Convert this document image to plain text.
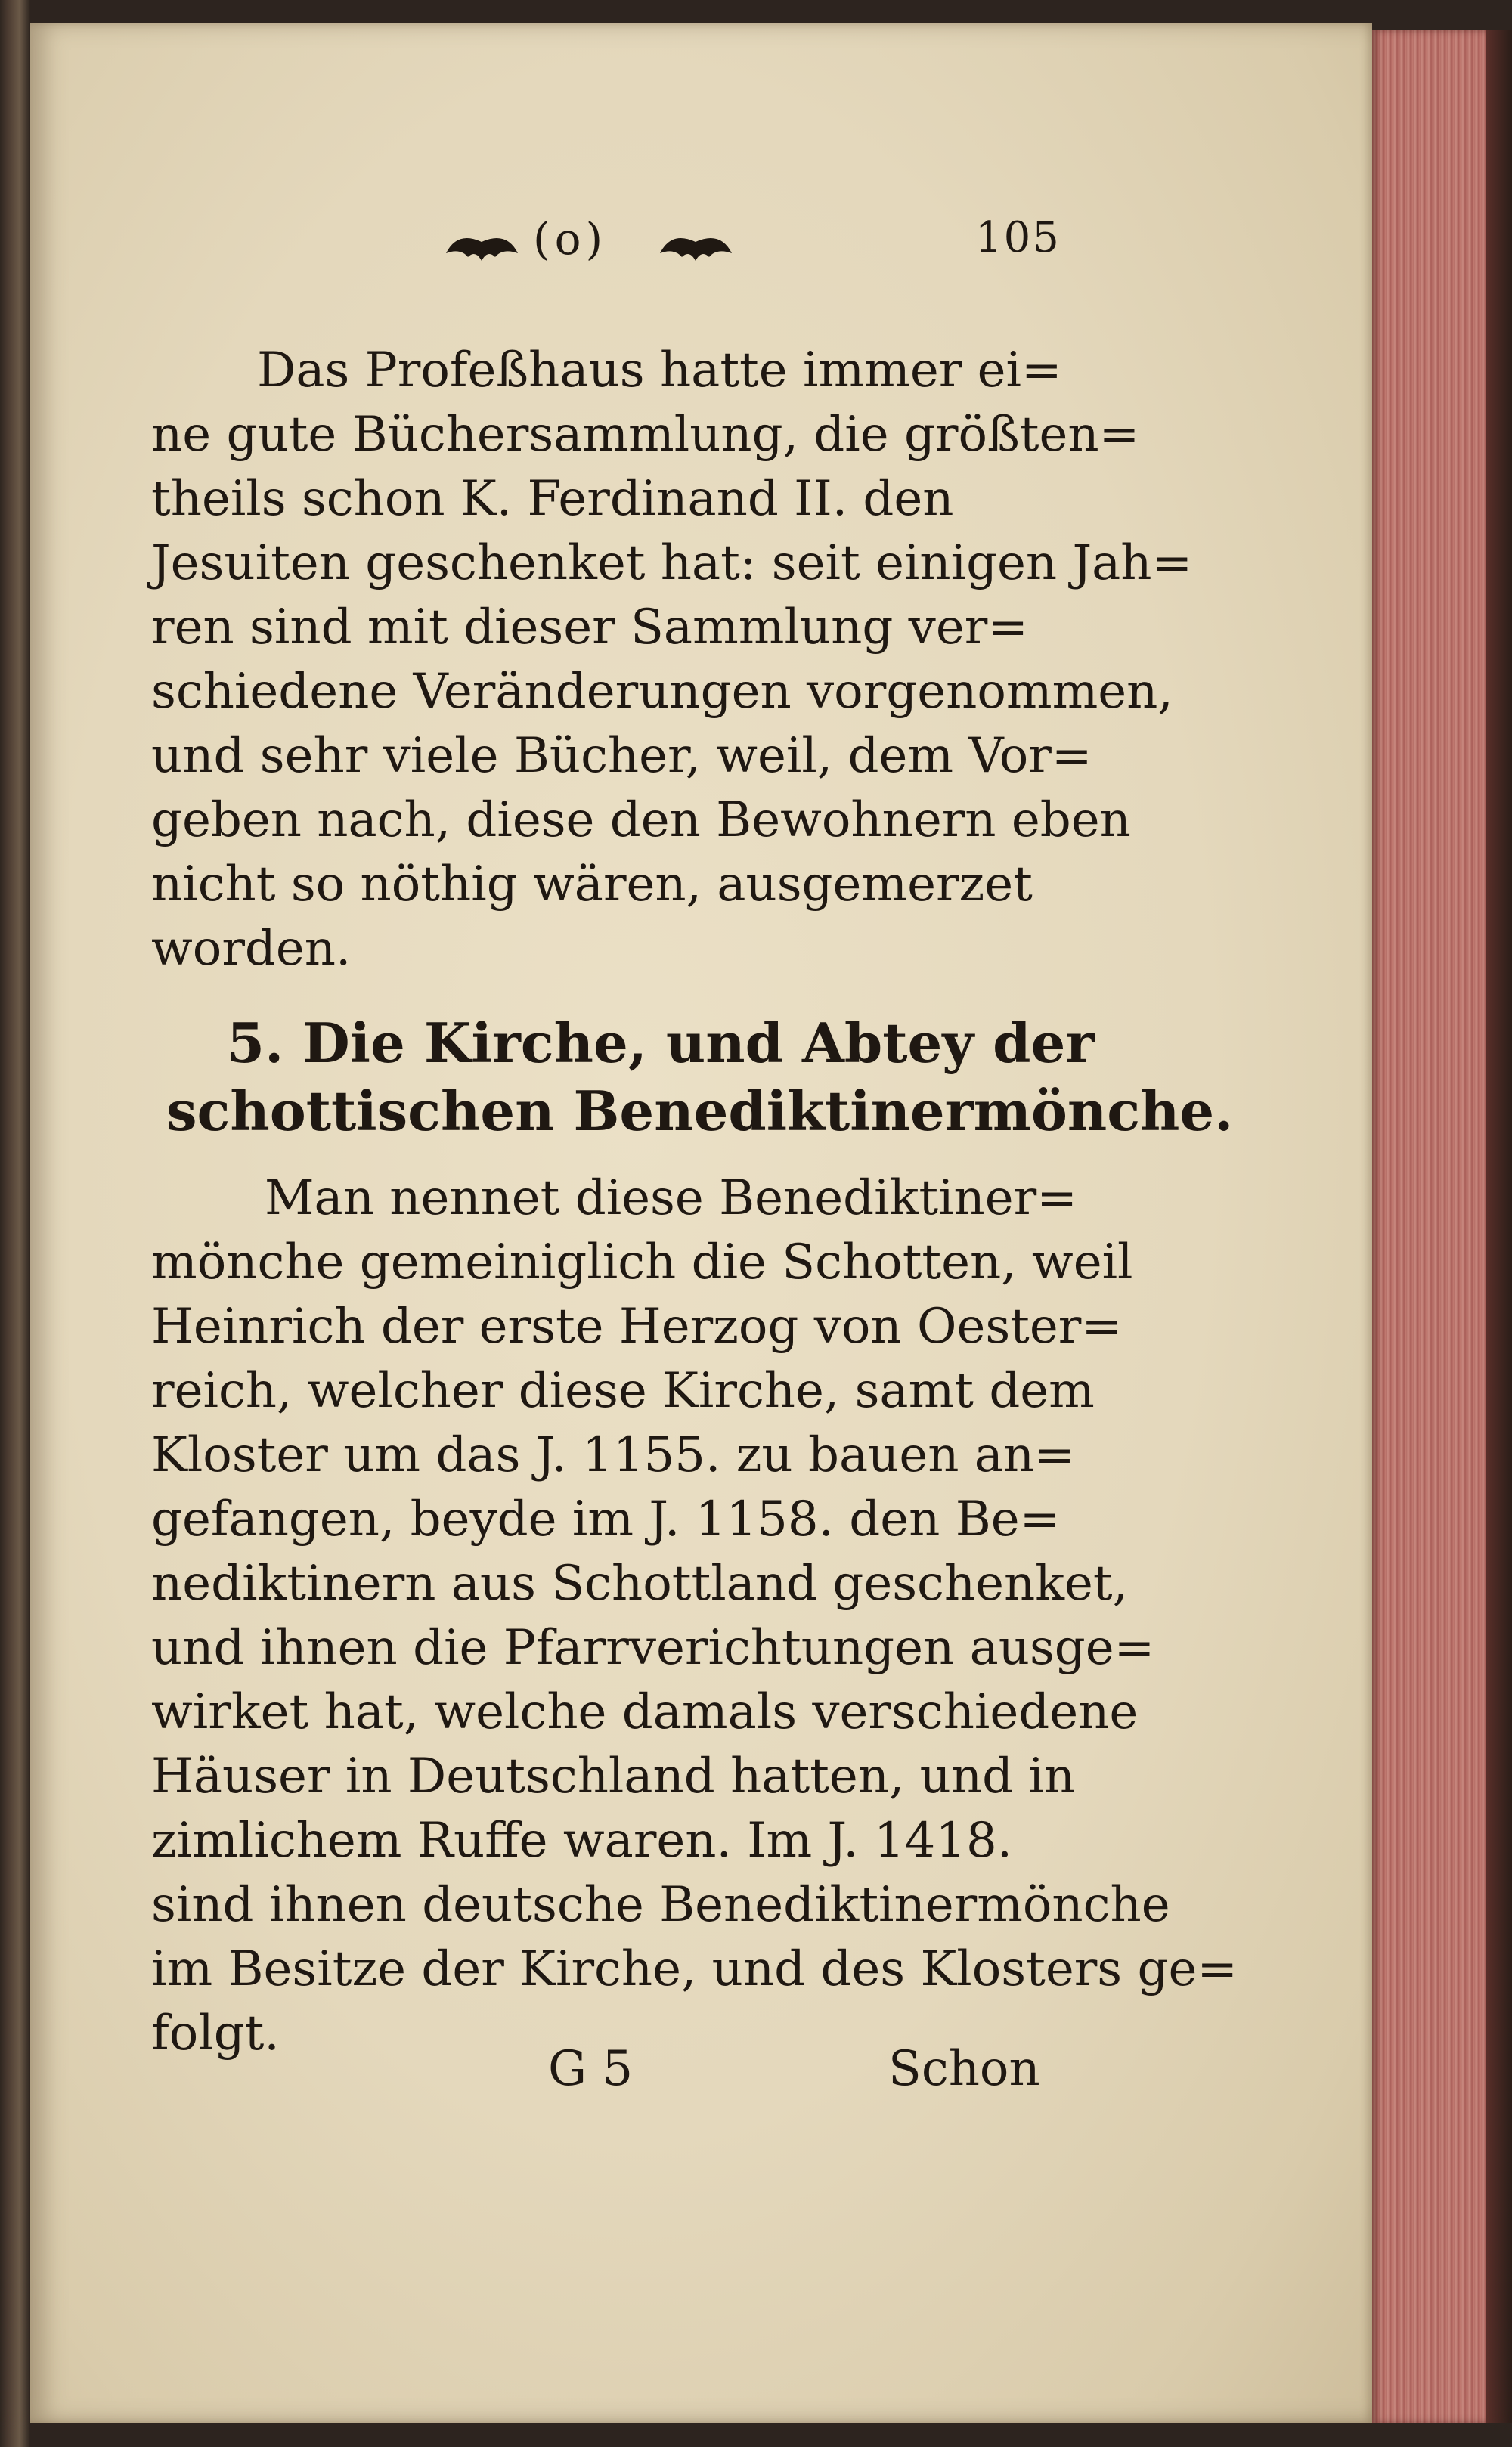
(o)	105
Das Profeßhaus hatte immer ei=
ne gute Büchersammlung, die größten=
theils schon K. Ferdinand II. den
Jesuiten geschenket hat: seit einigen Jah=
ren sind mit dieser Sammlung ver=
schiedene Veränderungen vorgenommen,
und sehr viele Bücher, weil, dem Vor=
geben nach, diese den Bewohnern eben
nicht so nöthig wären, ausgemerzet
worden.
5. Die Kirche, und Abtey der
schottischen Benediktinermönche.
Man nennet diese Benediktiner=
mönche gemeiniglich die Schotten, weil
Heinrich der erste Herzog von Oester=
reich, welcher diese Kirche, samt dem
Kloster um das J. 1155. zu bauen an=
gefangen, beyde im J. 1158. den Be=
nediktinern aus Schottland geschenket,
und ihnen die Pfarrverichtungen ausge=
wirket hat, welche damals verschiedene
Häuser in Deutschland hatten, und in
zimlichem Ruffe waren. Im J. 1418.
sind ihnen deutsche Benediktinermönche
im Besitze der Kirche, und des Klosters ge=
folgt.
G 5	Schon
